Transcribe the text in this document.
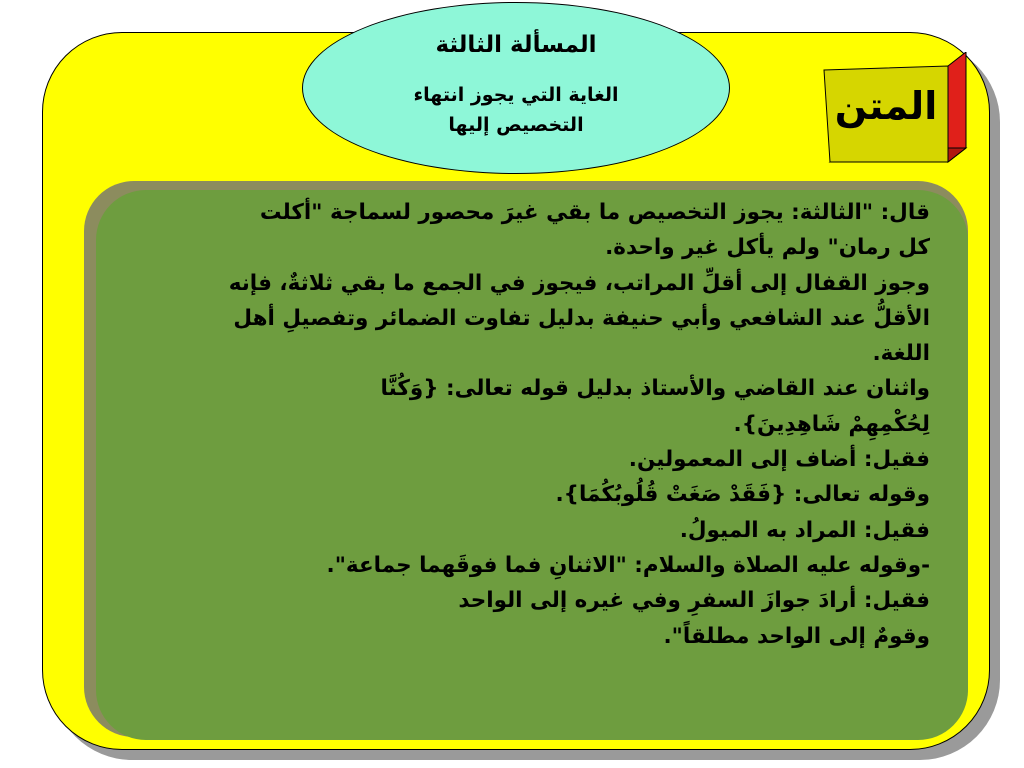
قال: "الثالثة: يجوز التخصيص ما بقي غيرَ محصور لسماجة "أكلت
كل رمان" ولم يأكل غير واحدة.
وجوز القفال إلى أقلِّ المراتب، فيجوز في الجمع ما بقي ثلاثةٌ، فإنه
الأقلُّ عند الشافعي وأبي حنيفة بدليل تفاوت الضمائر وتفصيلِ أهل
اللغة.
واثنان عند القاضي والأستاذ بدليل قوله تعالى: {وَكُنَّا
لِحُكْمِهِمْ شَاهِدِينَ}.
فقيل: أضاف إلى المعمولين.
وقوله تعالى: {فَقَدْ صَغَتْ قُلُوبُكُمَا}.
فقيل: المراد به الميولُ.
-وقوله عليه الصلاة والسلام: "الاثنانِ فما فوقَهما جماعة".
فقيل: أرادَ جوازَ السفرِ وفي غيره إلى الواحد
وقومٌ إلى الواحد مطلقاً".
المسألة الثالثة
الغاية التي يجوز انتهاء
التخصيص إليها	المتن
